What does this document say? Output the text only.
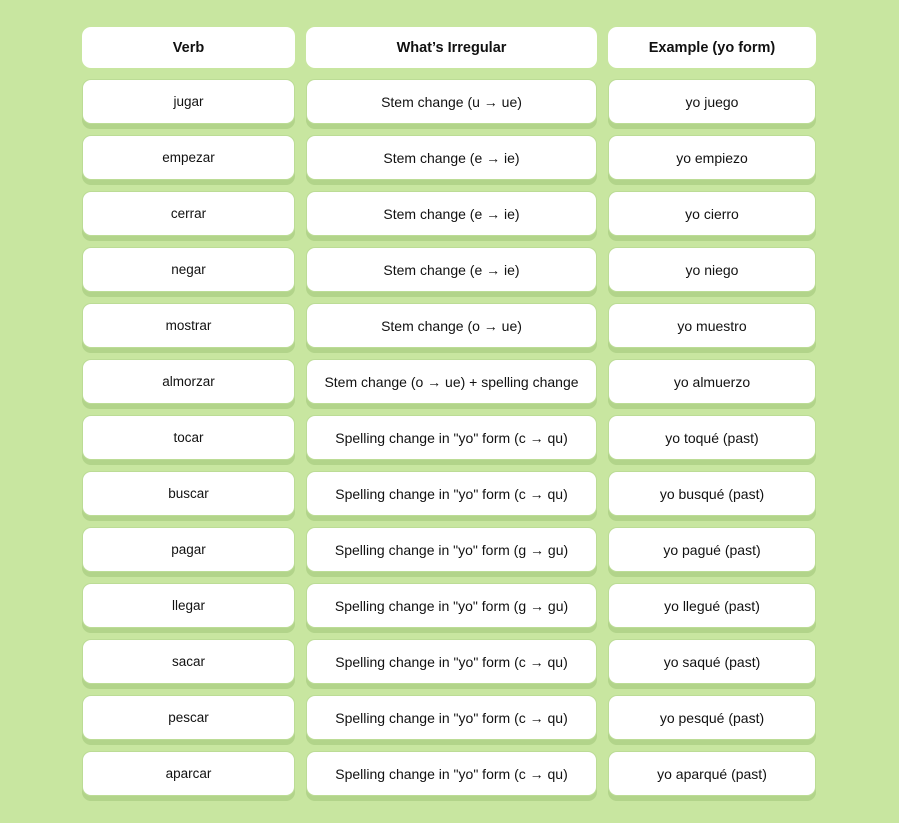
Verb	What’s Irregular	Example (yo form)
jugar	Stem change (u → ue)	yo juego
empezar	Stem change (e → ie)	yo empiezo
cerrar	Stem change (e → ie)	yo cierro
negar	Stem change (e → ie)	yo niego
mostrar	Stem change (o → ue)	yo muestro
almorzar	Stem change (o → ue) + spelling change	yo almuerzo
tocar	Spelling change in "yo" form (c → qu)	yo toqué (past)
buscar	Spelling change in "yo" form (c → qu)	yo busqué (past)
pagar	Spelling change in "yo" form (g → gu)	yo pagué (past)
llegar	Spelling change in "yo" form (g → gu)	yo llegué (past)
sacar	Spelling change in "yo" form (c → qu)	yo saqué (past)
pescar	Spelling change in "yo" form (c → qu)	yo pesqué (past)
aparcar	Spelling change in "yo" form (c → qu)	yo aparqué (past)
